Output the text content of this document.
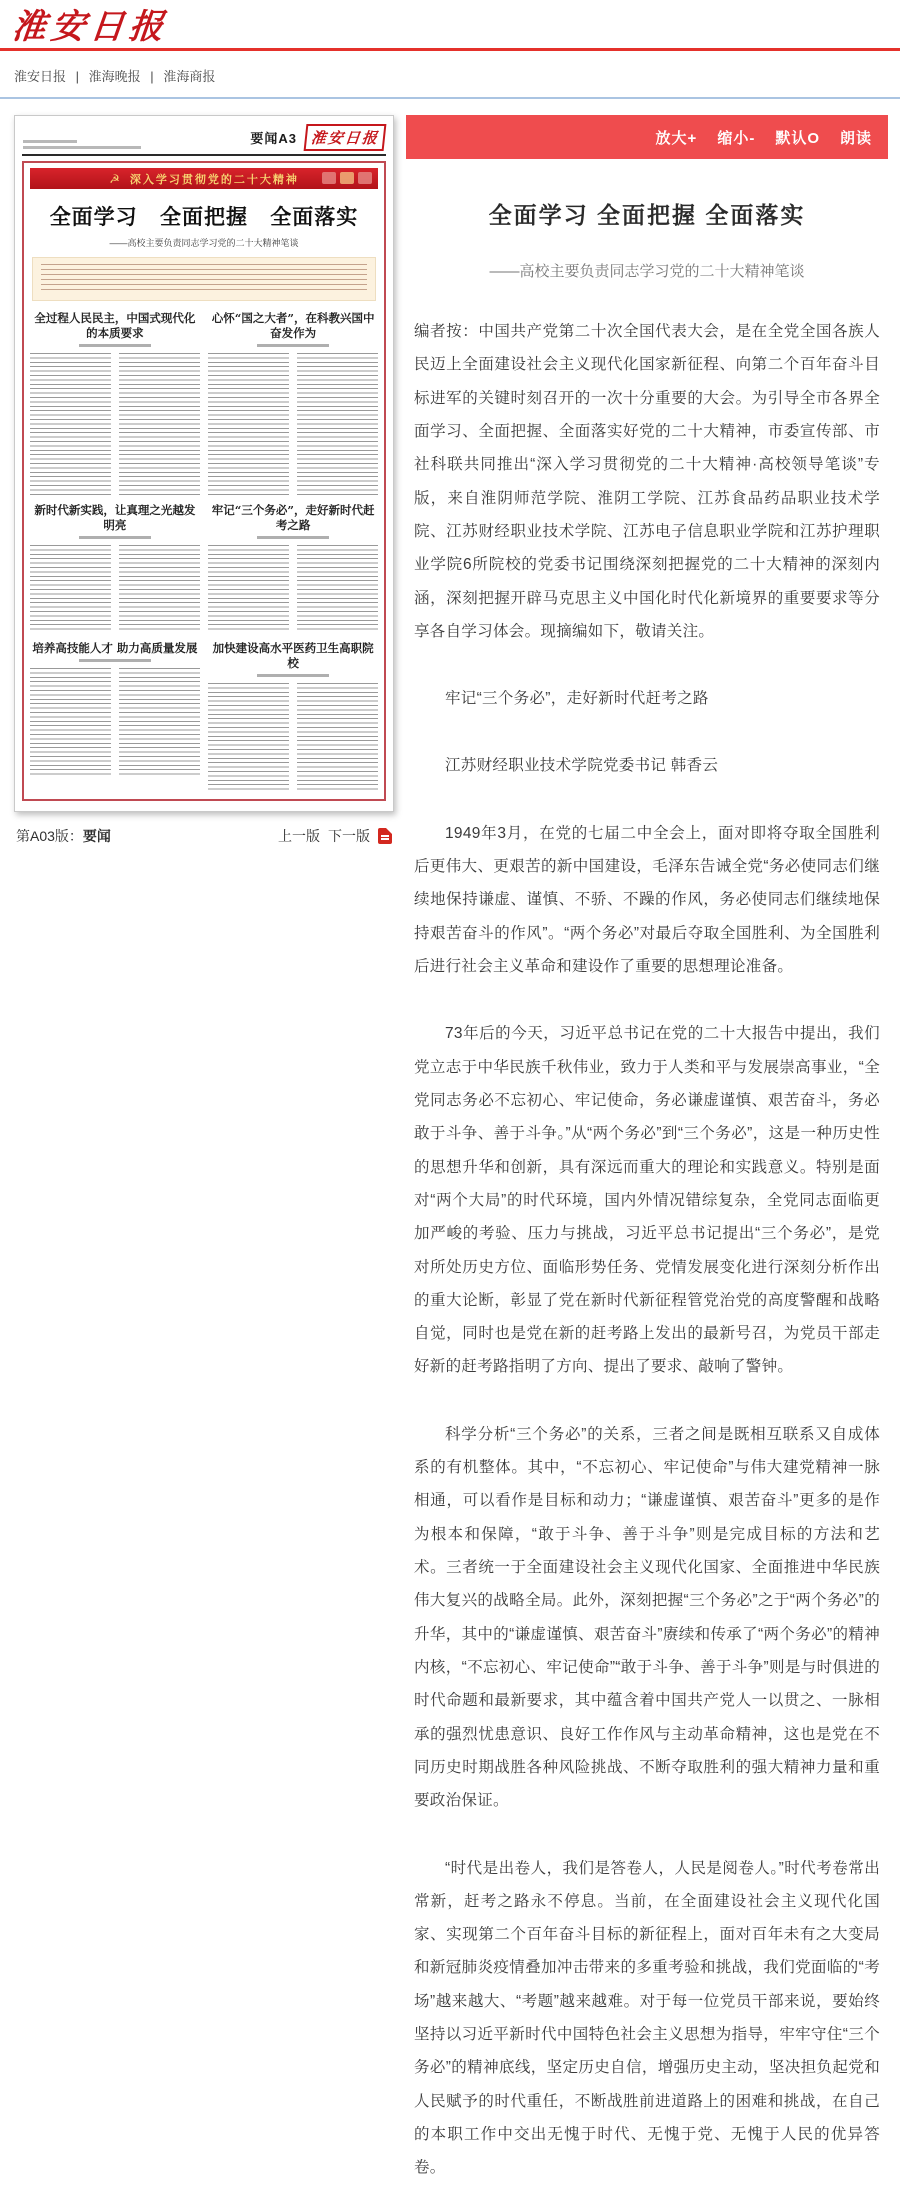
淮安日报
淮安日报 | 淮海晚报 | 淮海商报
要闻A3 淮安日报
☭ 深入学习贯彻党的二十大精神
全面学习 全面把握 全面落实
——高校主要负责同志学习党的二十大精神笔谈
全过程人民民主，中国式现代化的本质要求
心怀“国之大者”，在科教兴国中奋发作为
新时代新实践，让真理之光越发明亮
牢记“三个务必”，走好新时代赶考之路
培养高技能人才 助力高质量发展	加快建设高水平医药卫生高职院校
第A03版：要闻	上一版 下一版
放大+ 缩小- 默认O 朗读
全面学习 全面把握 全面落实
——高校主要负责同志学习党的二十大精神笔谈

编者按：中国共产党第二十次全国代表大会，是在全党全国各族人民迈上全面建设社会主义现代化国家新征程、向第二个百年奋斗目标进军的关键时刻召开的一次十分重要的大会。为引导全市各界全面学习、全面把握、全面落实好党的二十大精神，市委宣传部、市社科联共同推出“深入学习贯彻党的二十大精神·高校领导笔谈”专版，来自淮阴师范学院、淮阴工学院、江苏食品药品职业技术学院、江苏财经职业技术学院、江苏电子信息职业学院和江苏护理职业学院6所院校的党委书记围绕深刻把握党的二十大精神的深刻内涵，深刻把握开辟马克思主义中国化时代化新境界的重要要求等分享各自学习体会。现摘编如下，敬请关注。

牢记“三个务必”，走好新时代赶考之路

江苏财经职业技术学院党委书记 韩香云

1949年3月，在党的七届二中全会上，面对即将夺取全国胜利后更伟大、更艰苦的新中国建设，毛泽东告诫全党“务必使同志们继续地保持谦虚、谨慎、不骄、不躁的作风，务必使同志们继续地保持艰苦奋斗的作风”。“两个务必”对最后夺取全国胜利、为全国胜利后进行社会主义革命和建设作了重要的思想理论准备。

73年后的今天，习近平总书记在党的二十大报告中提出，我们党立志于中华民族千秋伟业，致力于人类和平与发展崇高事业，“全党同志务必不忘初心、牢记使命，务必谦虚谨慎、艰苦奋斗，务必敢于斗争、善于斗争。”从“两个务必”到“三个务必”，这是一种历史性的思想升华和创新，具有深远而重大的理论和实践意义。特别是面对“两个大局”的时代环境，国内外情况错综复杂，全党同志面临更加严峻的考验、压力与挑战，习近平总书记提出“三个务必”，是党对所处历史方位、面临形势任务、党情发展变化进行深刻分析作出的重大论断，彰显了党在新时代新征程管党治党的高度警醒和战略自觉，同时也是党在新的赶考路上发出的最新号召，为党员干部走好新的赶考路指明了方向、提出了要求、敲响了警钟。

科学分析“三个务必”的关系，三者之间是既相互联系又自成体系的有机整体。其中，“不忘初心、牢记使命”与伟大建党精神一脉相通，可以看作是目标和动力；“谦虚谨慎、艰苦奋斗”更多的是作为根本和保障，“敢于斗争、善于斗争”则是完成目标的方法和艺术。三者统一于全面建设社会主义现代化国家、全面推进中华民族伟大复兴的战略全局。此外，深刻把握“三个务必”之于“两个务必”的升华，其中的“谦虚谨慎、艰苦奋斗”赓续和传承了“两个务必”的精神内核，“不忘初心、牢记使命”“敢于斗争、善于斗争”则是与时俱进的时代命题和最新要求，其中蕴含着中国共产党人一以贯之、一脉相承的强烈忧患意识、良好工作作风与主动革命精神，这也是党在不同历史时期战胜各种风险挑战、不断夺取胜利的强大精神力量和重要政治保证。

“时代是出卷人，我们是答卷人，人民是阅卷人。”时代考卷常出常新，赶考之路永不停息。当前，在全面建设社会主义现代化国家、实现第二个百年奋斗目标的新征程上，面对百年未有之大变局和新冠肺炎疫情叠加冲击带来的多重考验和挑战，我们党面临的“考场”越来越大、“考题”越来越难。对于每一位党员干部来说，要始终坚持以习近平新时代中国特色社会主义思想为指导，牢牢守住“三个务必”的精神底线，坚定历史自信，增强历史主动，坚决担负起党和人民赋予的时代重任，不断战胜前进道路上的困难和挑战，在自己的本职工作中交出无愧于时代、无愧于党、无愧于人民的优异答卷。
